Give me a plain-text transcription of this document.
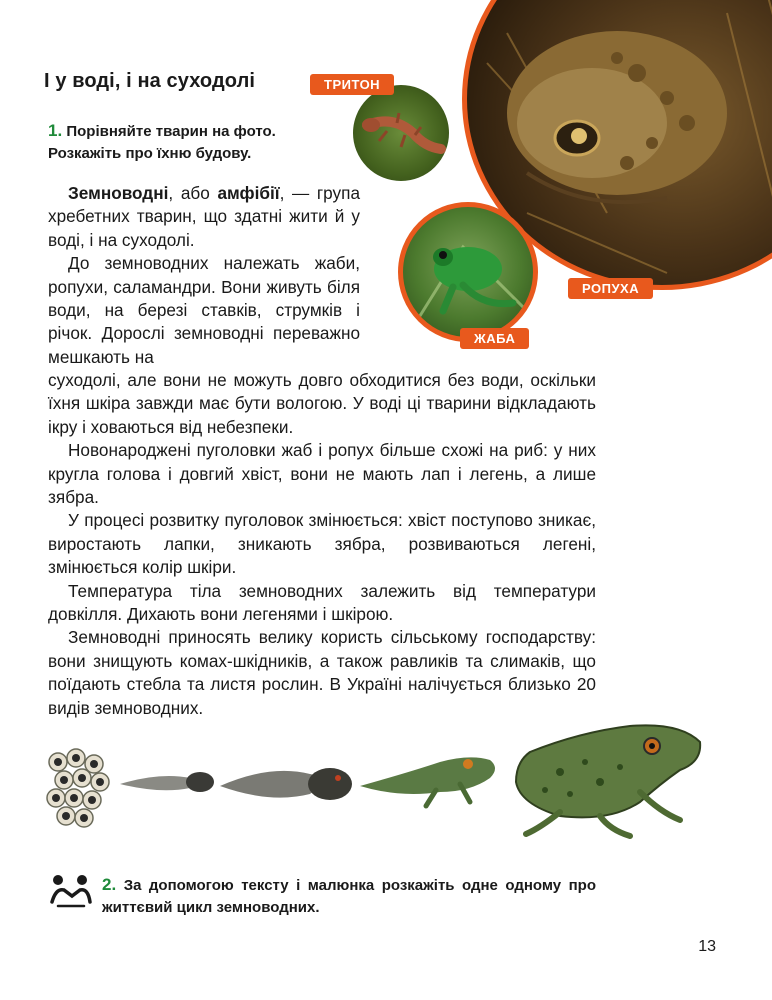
І у воді, і на суходолі
1. Порівняйте тварин на фото. Розкажіть про їхню будову.
ТРИТОН
РОПУХА
ЖАБА

Земноводні, або амфібії, — група хребетних тварин, що здатні жити й у воді, і на суходолі.

До земноводних належать жаби, ропухи, саламандри. Вони живуть біля води, на березі ставків, струмків і річок. Дорослі земноводні переважно мешкають на

суходолі, але вони не можуть довго обходитися без води, оскільки їхня шкіра завжди має бути вологою. У воді ці тварини відкладають ікру і ховаються від небезпеки.

Новонароджені пуголовки жаб і ропух більше схожі на риб: у них кругла голова і довгий хвіст, вони не мають лап і легень, а лише зябра.

У процесі розвитку пуголовок змінюється: хвіст поступово зникає, виростають лапки, зникають зябра, розвиваються легені, змінюється колір шкіри.

Температура тіла земноводних залежить від температури довкілля. Дихають вони легенями і шкірою.

Земноводні приносять велику користь сільському господарству: вони знищують комах-шкідників, а також равликів та слимаків, що поїдають стебла та листя рослин. В Україні налічується близько 20 видів земноводних.

2. За допомогою тексту і малюнка розкажіть одне одному про життєвий цикл земноводних.
13
